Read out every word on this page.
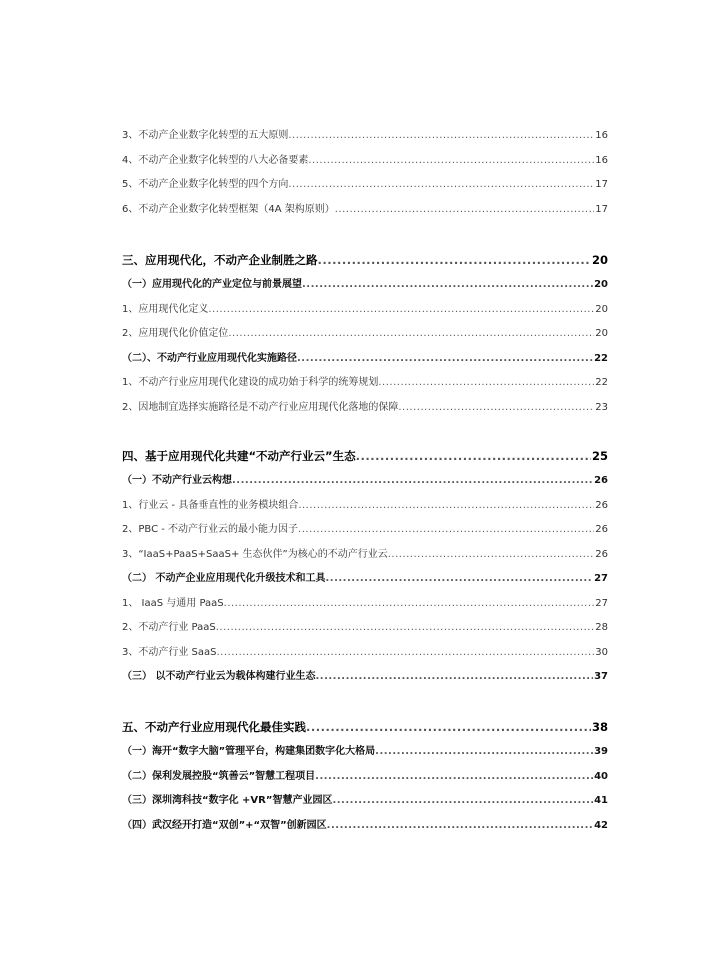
3、不动产企业数字化转型的五大原则 .....	16
4、不动产企业数字化转型的八大必备要素 .....	16
5、不动产企业数字化转型的四个方向 .....	17
6、不动产企业数字化转型框架（4A 架构原则） .....	17
三、应用现代化，不动产企业制胜之路 .....	20
（一）应用现代化的产业定位与前景展望 .....	20
1、应用现代化定义 .....	20
2、应用现代化价值定位 .....	20
（二）、不动产行业应用现代化实施路径 .....	22
1、不动产行业应用现代化建设的成功始于科学的统筹规划 .....	22
2、因地制宜选择实施路径是不动产行业应用现代化落地的保障 .....	23
四、基于应用现代化共建“不动产行业云”生态 .....	25
（一）不动产行业云构想 .....	26
1、行业云 - 具备垂直性的业务模块组合 .....	26
2、PBC - 不动产行业云的最小能力因子 .....	26
3、“IaaS+PaaS+SaaS+ 生态伙伴”为核心的不动产行业云 .....	26
（二） 不动产企业应用现代化升级技术和工具 .....	27
1、 IaaS 与通用 PaaS .....	27
2、不动产行业 PaaS .....	28
3、不动产行业 SaaS .....	30
（三） 以不动产行业云为载体构建行业生态 .....	37
五、不动产行业应用现代化最佳实践 .....	38
（一）海开“数字大脑”管理平台，构建集团数字化大格局 .....	39
（二）保利发展控股“筑善云”智慧工程项目 .....	40
（三）深圳湾科技“数字化 +VR”智慧产业园区 .....	41
（四）武汉经开打造“双创”+“双智”创新园区 .....	42
